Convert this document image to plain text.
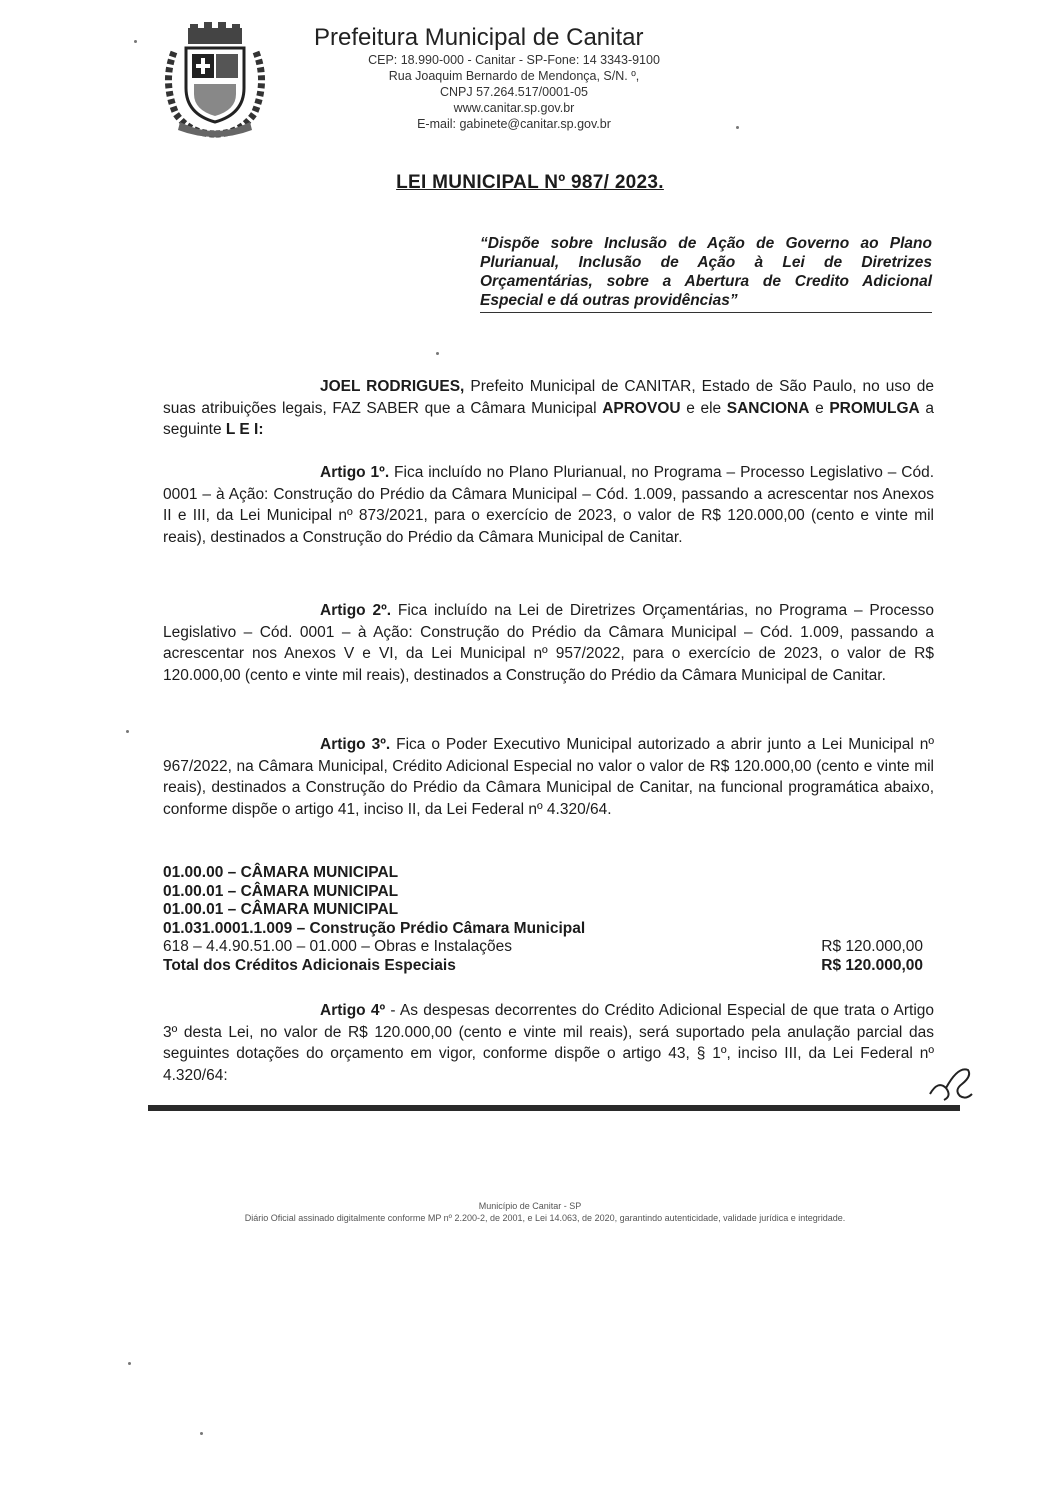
Prefeitura Municipal de Canitar
CEP: 18.990-000 - Canitar - SP-Fone: 14 3343-9100
Rua Joaquim Bernardo de Mendonça, S/N. º,
CNPJ 57.264.517/0001-05
www.canitar.sp.gov.br
E-mail: gabinete@canitar.sp.gov.br
LEI MUNICIPAL Nº 987/ 2023.
“Dispõe sobre Inclusão de Ação de Governo ao Plano Plurianual, Inclusão de Ação à Lei de Diretrizes Orçamentárias, sobre a Abertura de Credito Adicional Especial e dá outras providências”

JOEL RODRIGUES, Prefeito Municipal de CANITAR, Estado de São Paulo, no uso de suas atribuições legais, FAZ SABER que a Câmara Municipal APROVOU e ele SANCIONA e PROMULGA a seguinte L E I:

Artigo 1º. Fica incluído no Plano Plurianual, no Programa – Processo Legislativo – Cód. 0001 – à Ação: Construção do Prédio da Câmara Municipal – Cód. 1.009, passando a acrescentar nos Anexos II e III, da Lei Municipal nº 873/2021, para o exercício de 2023, o valor de R$ 120.000,00 (cento e vinte mil reais), destinados a Construção do Prédio da Câmara Municipal de Canitar.

Artigo 2º. Fica incluído na Lei de Diretrizes Orçamentárias, no Programa – Processo Legislativo – Cód. 0001 – à Ação: Construção do Prédio da Câmara Municipal – Cód. 1.009, passando a acrescentar nos Anexos V e VI, da Lei Municipal nº 957/2022, para o exercício de 2023, o valor de R$ 120.000,00 (cento e vinte mil reais), destinados a Construção do Prédio da Câmara Municipal de Canitar.

Artigo 3º. Fica o Poder Executivo Municipal autorizado a abrir junto a Lei Municipal nº 967/2022, na Câmara Municipal, Crédito Adicional Especial no valor o valor de R$ 120.000,00 (cento e vinte mil reais), destinados a Construção do Prédio da Câmara Municipal de Canitar, na funcional programática abaixo, conforme dispõe o artigo 41, inciso II, da Lei Federal nº 4.320/64.

01.00.00 – CÂMARA MUNICIPAL
01.00.01 – CÂMARA MUNICIPAL
01.00.01 – CÂMARA MUNICIPAL
01.031.0001.1.009 – Construção Prédio Câmara Municipal
618 – 4.4.90.51.00 – 01.000 – Obras e Instalações	R$ 120.000,00
Total dos Créditos Adicionais Especiais	R$ 120.000,00

Artigo 4º - As despesas decorrentes do Crédito Adicional Especial de que trata o Artigo 3º desta Lei, no valor de R$ 120.000,00 (cento e vinte mil reais), será suportado pela anulação parcial das seguintes dotações do orçamento em vigor, conforme dispõe o artigo 43, § 1º, inciso III, da Lei Federal nº 4.320/64:

Município de Canitar - SP
Diário Oficial assinado digitalmente conforme MP nº 2.200-2, de 2001, e Lei 14.063, de 2020, garantindo autenticidade, validade jurídica e integridade.
